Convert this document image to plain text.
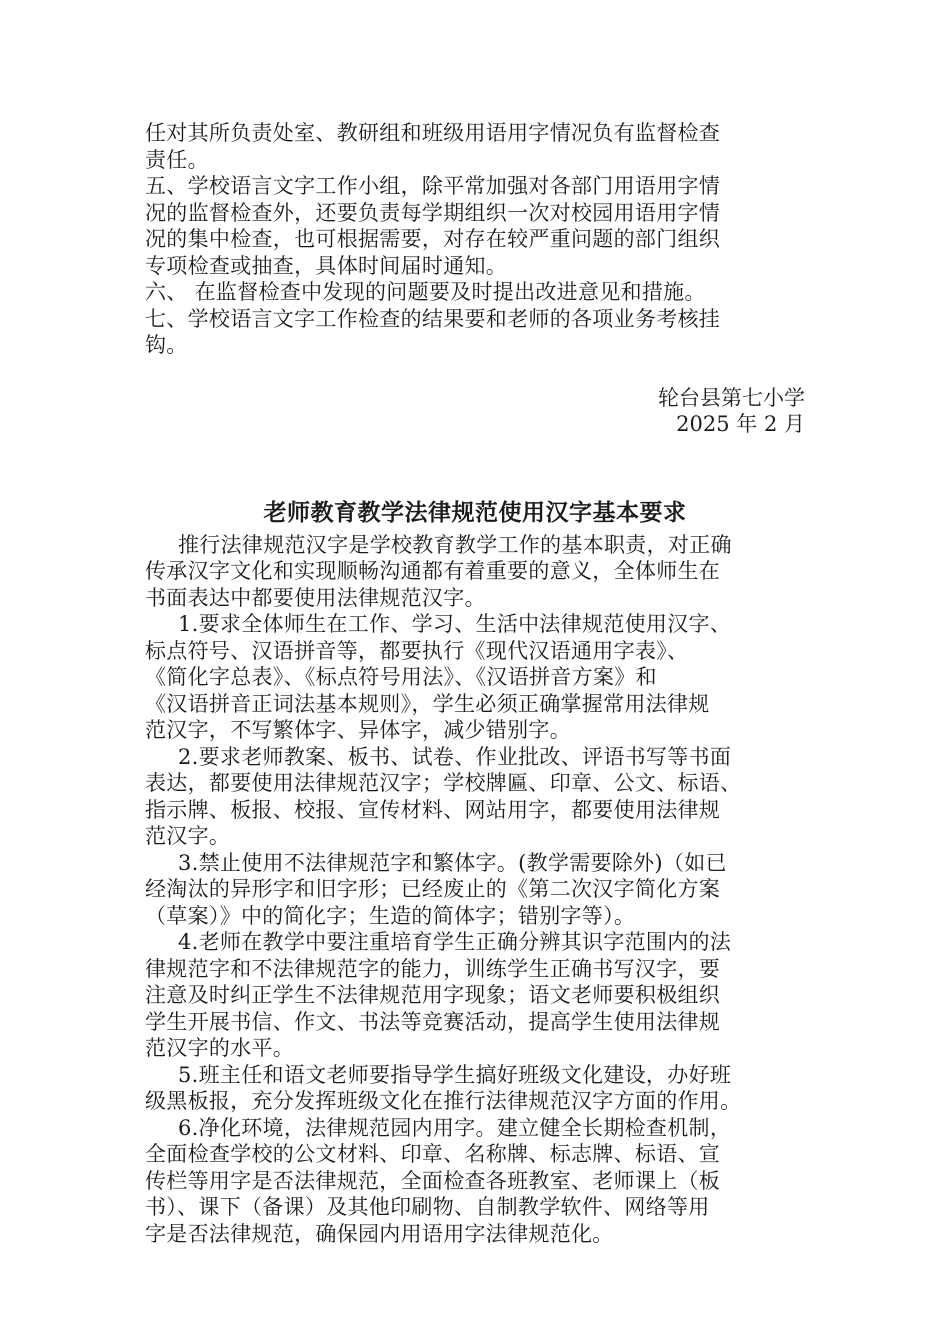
任对其所负责处室、教研组和班级用语用字情况负有监督检查
责任。
五、学校语言文字工作小组，除平常加强对各部门用语用字情
况的监督检查外，还要负责每学期组织一次对校园用语用字情
况的集中检查，也可根据需要，对存在较严重问题的部门组织
专项检查或抽查，具体时间届时通知。
六、 在监督检查中发现的问题要及时提出改进意见和措施。
七、学校语言文字工作检查的结果要和老师的各项业务考核挂
钩。
轮台县第七小学
2025 年 2 月
老师教育教学法律规范使用汉字基本要求
推行法律规范汉字是学校教育教学工作的基本职责，对正确
传承汉字文化和实现顺畅沟通都有着重要的意义，全体师生在
书面表达中都要使用法律规范汉字。
1.要求全体师生在工作、学习、生活中法律规范使用汉字、
标点符号、汉语拼音等，都要执行《现代汉语通用字表》、
《简化字总表》、《标点符号用法》、《汉语拼音方案》和
《汉语拼音正词法基本规则》，学生必须正确掌握常用法律规
范汉字，不写繁体字、异体字，减少错别字。
2.要求老师教案、板书、试卷、作业批改、评语书写等书面
表达，都要使用法律规范汉字；学校牌匾、印章、公文、标语、
指示牌、板报、校报、宣传材料、网站用字，都要使用法律规
范汉字。
3.禁止使用不法律规范字和繁体字。(教学需要除外)（如已
经淘汰的异形字和旧字形；已经废止的《第二次汉字简化方案
（草案）》中的简化字；生造的简体字；错别字等）。
4.老师在教学中要注重培育学生正确分辨其识字范围内的法
律规范字和不法律规范字的能力，训练学生正确书写汉字，要
注意及时纠正学生不法律规范用字现象；语文老师要积极组织
学生开展书信、作文、书法等竞赛活动，提高学生使用法律规
范汉字的水平。
5.班主任和语文老师要指导学生搞好班级文化建设，办好班
级黑板报，充分发挥班级文化在推行法律规范汉字方面的作用。
6.净化环境，法律规范园内用字。建立健全长期检查机制，
全面检查学校的公文材料、印章、名称牌、标志牌、标语、宣
传栏等用字是否法律规范，全面检查各班教室、老师课上（板
书）、课下（备课）及其他印刷物、自制教学软件、网络等用
字是否法律规范，确保园内用语用字法律规范化。
